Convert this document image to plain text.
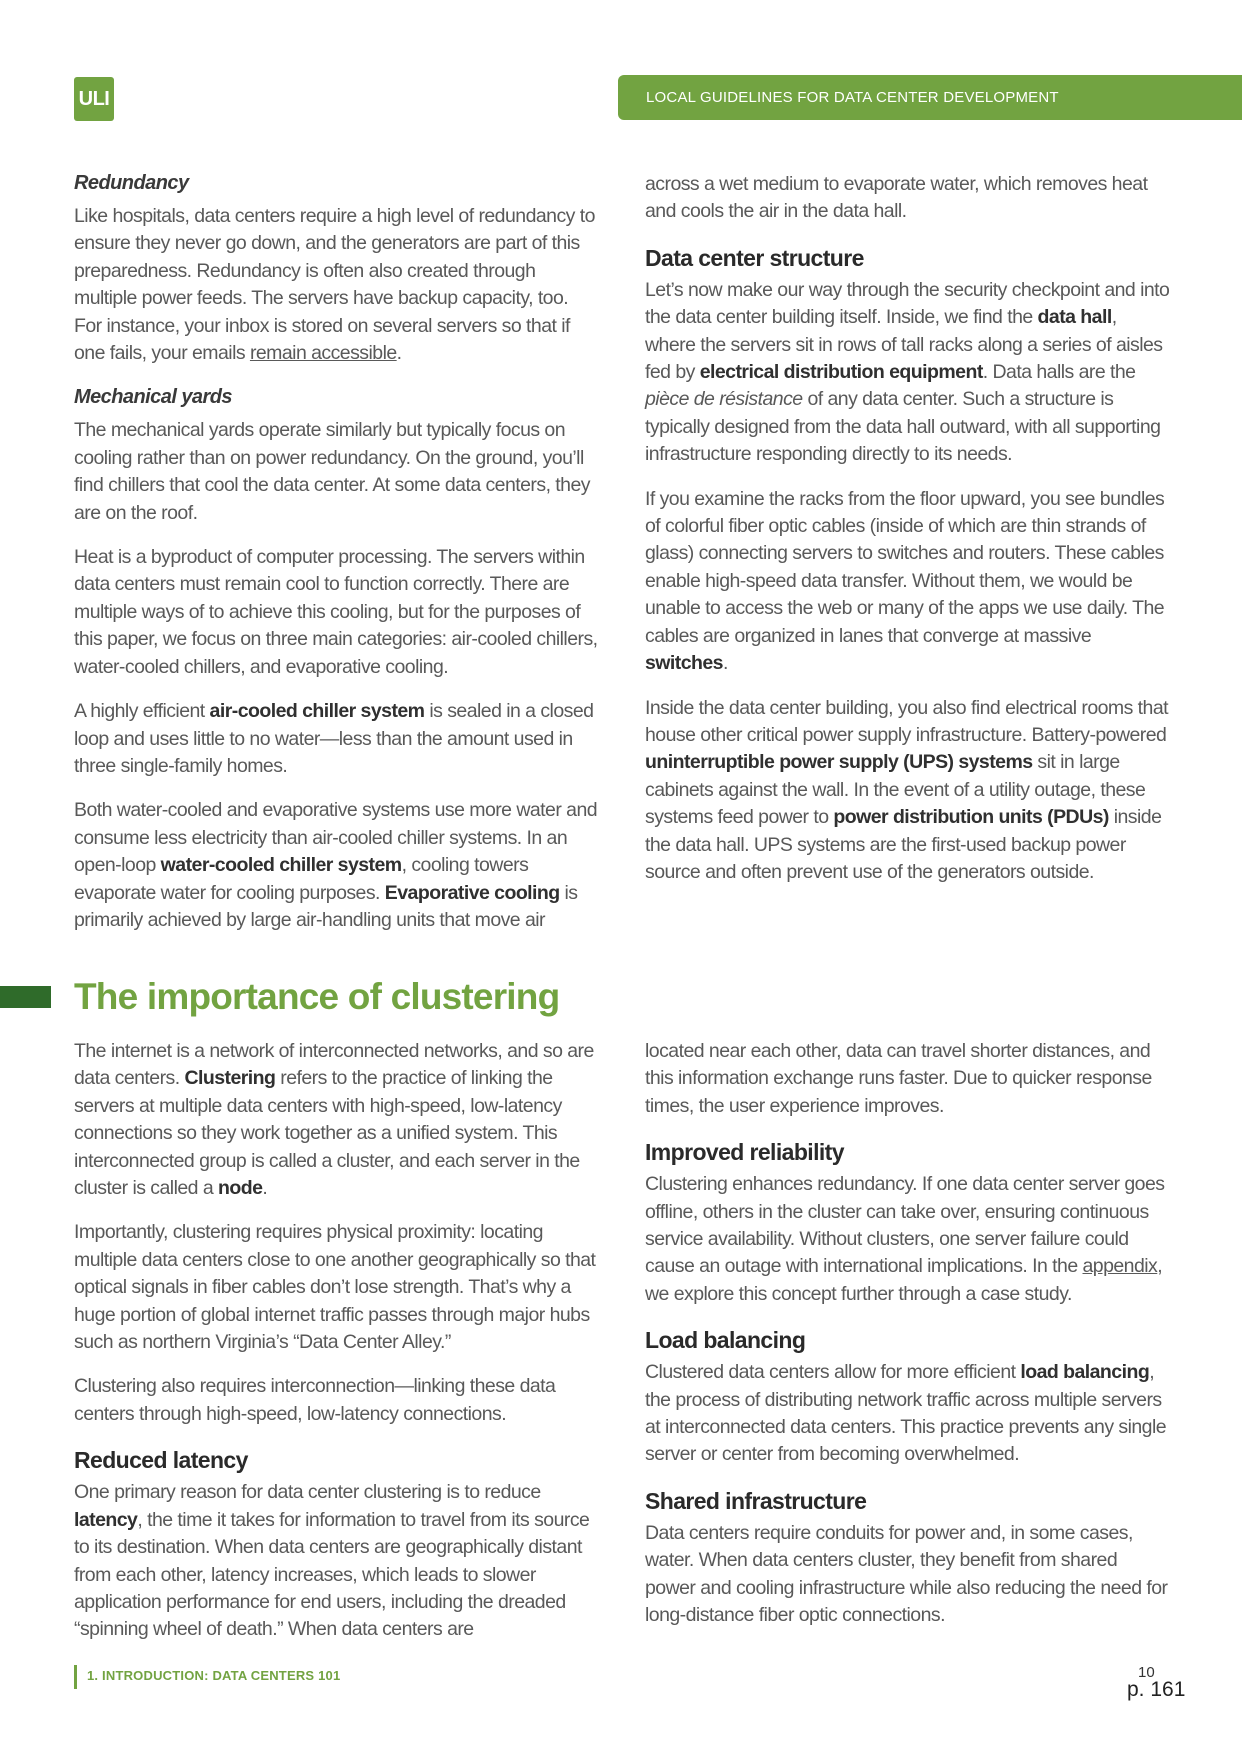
ULI	LOCAL GUIDELINES FOR DATA CENTER DEVELOPMENT
Redundancy

Like hospitals, data centers require a high level of redundancy to ensure they never go down, and the generators are part of this preparedness. Redundancy is often also created through multiple power feeds. The servers have backup capacity, too. For instance, your inbox is stored on several servers so that if one fails, your emails remain accessible.

Mechanical yards

The mechanical yards operate similarly but typically focus on cooling rather than on power redundancy. On the ground, you’ll find chillers that cool the data center. At some data centers, they are on the roof.

Heat is a byproduct of computer processing. The servers within data centers must remain cool to function correctly. There are multiple ways of to achieve this cooling, but for the purposes of this paper, we focus on three main categories: air-cooled chillers, water-cooled chillers, and evaporative cooling.

A highly efficient air-cooled chiller system is sealed in a closed loop and uses little to no water—less than the amount used in three single-family homes.

Both water-cooled and evaporative systems use more water and consume less electricity than air-cooled chiller systems. In an open-loop water-cooled chiller system, cooling towers evaporate water for cooling purposes. Evaporative cooling is primarily achieved by large air-handling units that move air

across a wet medium to evaporate water, which removes heat and cools the air in the data hall.

Data center structure

Let’s now make our way through the security checkpoint and into the data center building itself. Inside, we find the data hall, where the servers sit in rows of tall racks along a series of aisles fed by electrical distribution equipment. Data halls are the pièce de résistance of any data center. Such a structure is typically designed from the data hall outward, with all supporting infrastructure responding directly to its needs.

If you examine the racks from the floor upward, you see bundles of colorful fiber optic cables (inside of which are thin strands of glass) connecting servers to switches and routers. These cables enable high-speed data transfer. Without them, we would be unable to access the web or many of the apps we use daily. The cables are organized in lanes that converge at massive switches.

Inside the data center building, you also find electrical rooms that house other critical power supply infrastructure. Battery-powered uninterruptible power supply (UPS) systems sit in large cabinets against the wall. In the event of a utility outage, these systems feed power to power distribution units (PDUs) inside the data hall. UPS systems are the first-used backup power source and often prevent use of the generators outside.

The importance of clustering

The internet is a network of interconnected networks, and so are data centers. Clustering refers to the practice of linking the servers at multiple data centers with high-speed, low-latency connections so they work together as a unified system. This interconnected group is called a cluster, and each server in the cluster is called a node.

Importantly, clustering requires physical proximity: locating multiple data centers close to one another geographically so that optical signals in fiber cables don’t lose strength. That’s why a huge portion of global internet traffic passes through major hubs such as northern Virginia’s “Data Center Alley.”

Clustering also requires interconnection—linking these data centers through high-speed, low-latency connections.

Reduced latency

One primary reason for data center clustering is to reduce latency, the time it takes for information to travel from its source to its destination. When data centers are geographically distant from each other, latency increases, which leads to slower application performance for end users, including the dreaded “spinning wheel of death.” When data centers are

located near each other, data can travel shorter distances, and this information exchange runs faster. Due to quicker response times, the user experience improves.

Improved reliability

Clustering enhances redundancy. If one data center server goes offline, others in the cluster can take over, ensuring continuous service availability. Without clusters, one server failure could cause an outage with international implications. In the appendix, we explore this concept further through a case study.

Load balancing

Clustered data centers allow for more efficient load balancing, the process of distributing network traffic across multiple servers at interconnected data centers. This practice prevents any single server or center from becoming overwhelmed.

Shared infrastructure

Data centers require conduits for power and, in some cases, water. When data centers cluster, they benefit from shared power and cooling infrastructure while also reducing the need for long-distance fiber optic connections.

1. INTRODUCTION: DATA CENTERS 101	10
p. 161
